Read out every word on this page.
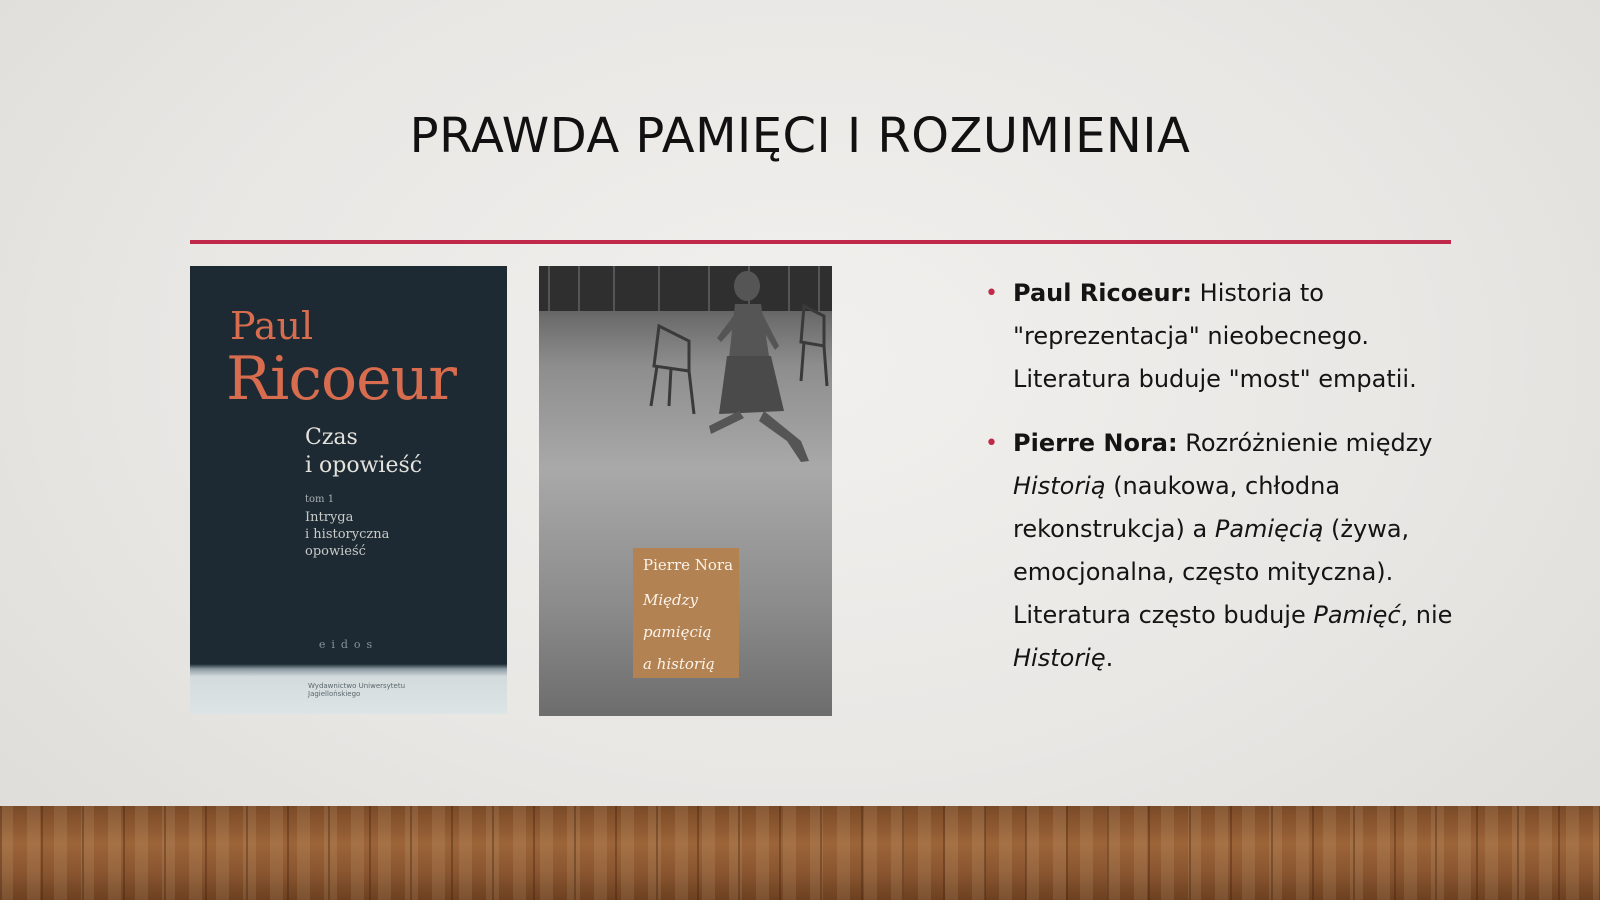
PRAWDA PAMIĘCI I ROZUMIENIA
Paul
Ricoeur
Czas
i opowieść
tom 1
Intryga
i historyczna
opowieść
eidos
Wydawnictwo Uniwersytetu
Jagiellońskiego
Pierre Nora
Między
pamięcią
a historią
• Paul Ricoeur: Historia to "reprezentacja" nieobecnego. Literatura buduje "most" empatii.
• Pierre Nora: Rozróżnienie między Historią (naukowa, chłodna rekonstrukcja) a Pamięcią (żywa, emocjonalna, często mityczna). Literatura często buduje Pamięć, nie Historię.
